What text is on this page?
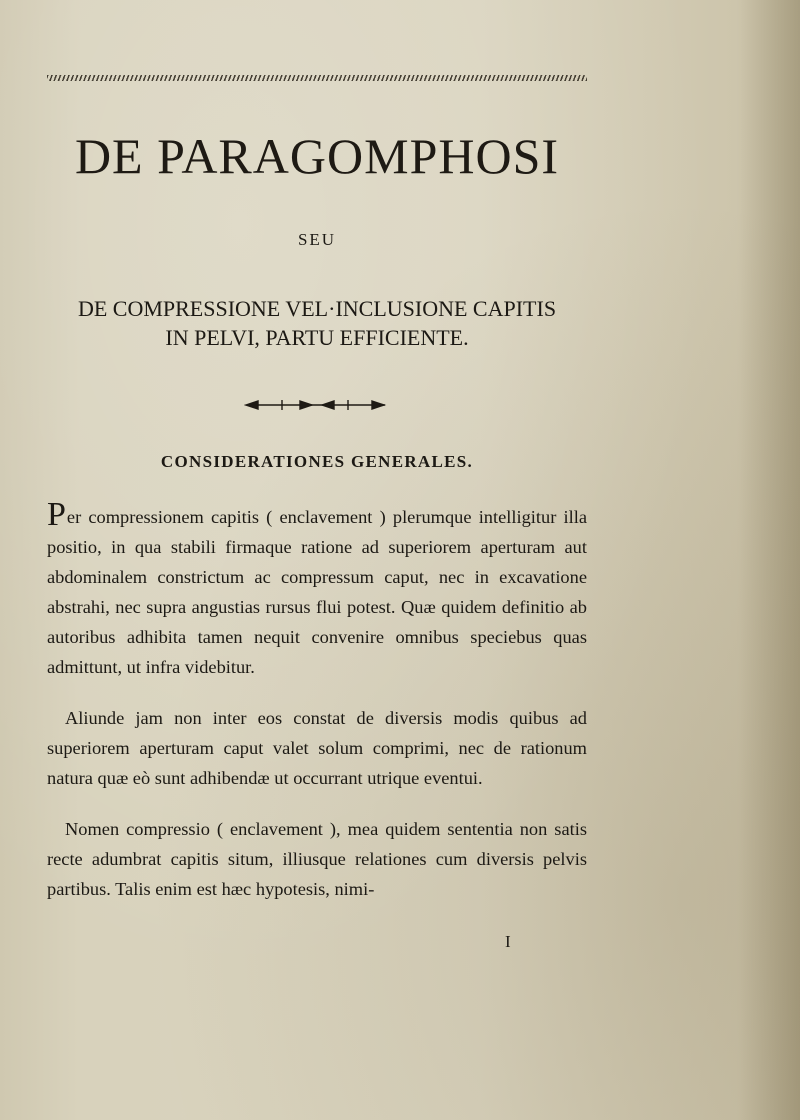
DE PARAGOMPHOSI

SEU

DE COMPRESSIONE VEL·INCLUSIONE CAPITIS
IN PELVI, PARTU EFFICIENTE.
CONSIDERATIONES GENERALES.

Per compressionem capitis ( enclavement ) plerumque intelligitur illa positio, in qua stabili firmaque ratione ad superiorem aperturam aut abdominalem constrictum ac compressum caput, nec in excavatione abstrahi, nec supra angustias rursus flui potest. Quæ quidem definitio ab autoribus adhibita tamen nequit convenire omnibus speciebus quas admittunt, ut infra videbitur.

Aliunde jam non inter eos constat de diversis modis quibus ad superiorem aperturam caput valet solum comprimi, nec de rationum natura quæ eò sunt adhibendæ ut occurrant utrique eventui.

Nomen compressio ( enclavement ), mea quidem sententia non satis recte adumbrat capitis situm, illiusque relationes cum diversis pelvis partibus. Talis enim est hæc hypotesis, nimi-

I
